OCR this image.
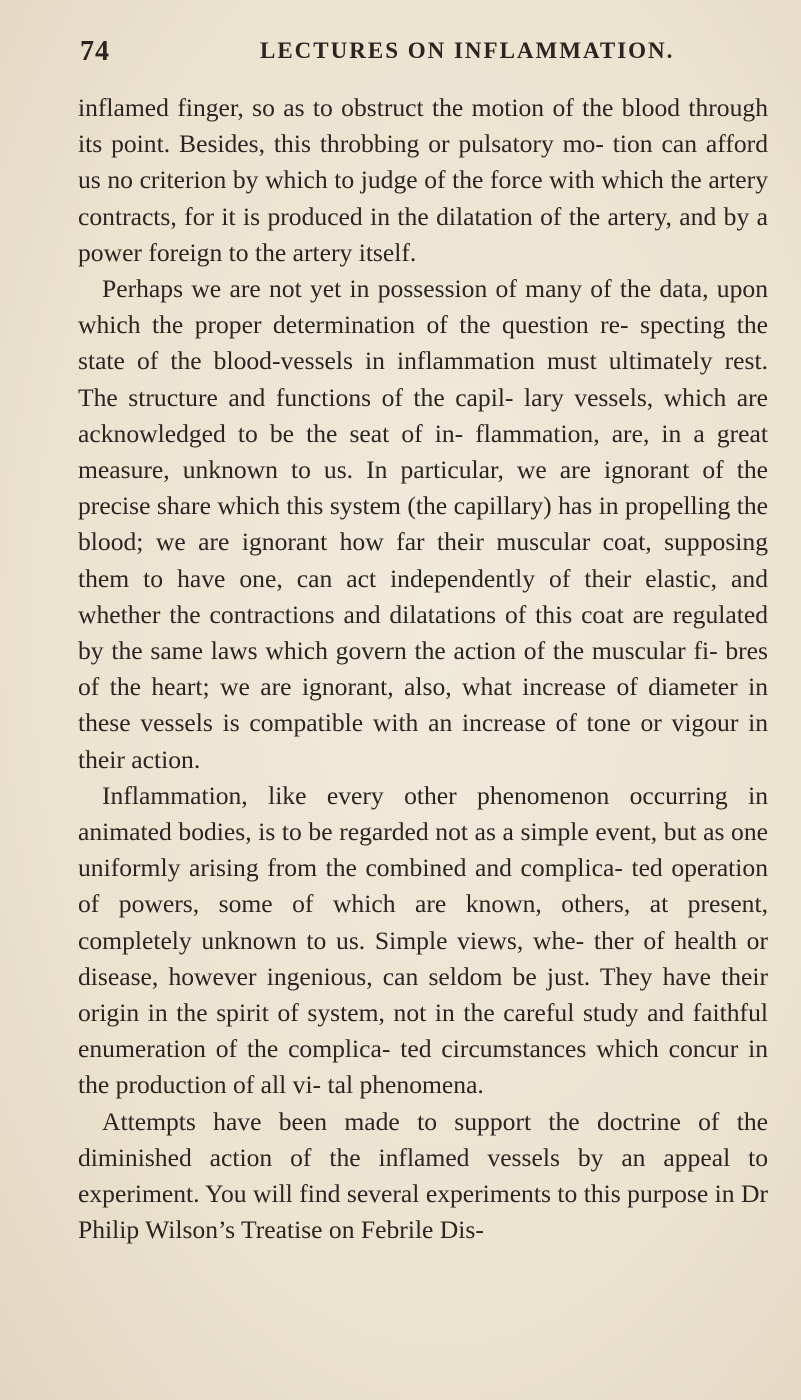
74	LECTURES ON INFLAMMATION.

inflamed finger, so as to obstruct the motion of the blood through its point. Besides, this throbbing or pulsatory mo- tion can afford us no criterion by which to judge of the force with which the artery contracts, for it is produced in the dilatation of the artery, and by a power foreign to the artery itself.

Perhaps we are not yet in possession of many of the data, upon which the proper determination of the question re- specting the state of the blood-vessels in inflammation must ultimately rest. The structure and functions of the capil- lary vessels, which are acknowledged to be the seat of in- flammation, are, in a great measure, unknown to us. In particular, we are ignorant of the precise share which this system (the capillary) has in propelling the blood; we are ignorant how far their muscular coat, supposing them to have one, can act independently of their elastic, and whether the contractions and dilatations of this coat are regulated by the same laws which govern the action of the muscular fi- bres of the heart; we are ignorant, also, what increase of diameter in these vessels is compatible with an increase of tone or vigour in their action.

Inflammation, like every other phenomenon occurring in animated bodies, is to be regarded not as a simple event, but as one uniformly arising from the combined and complica- ted operation of powers, some of which are known, others, at present, completely unknown to us. Simple views, whe- ther of health or disease, however ingenious, can seldom be just. They have their origin in the spirit of system, not in the careful study and faithful enumeration of the complica- ted circumstances which concur in the production of all vi- tal phenomena.

Attempts have been made to support the doctrine of the diminished action of the inflamed vessels by an appeal to experiment. You will find several experiments to this purpose in Dr Philip Wilson’s Treatise on Febrile Dis-
